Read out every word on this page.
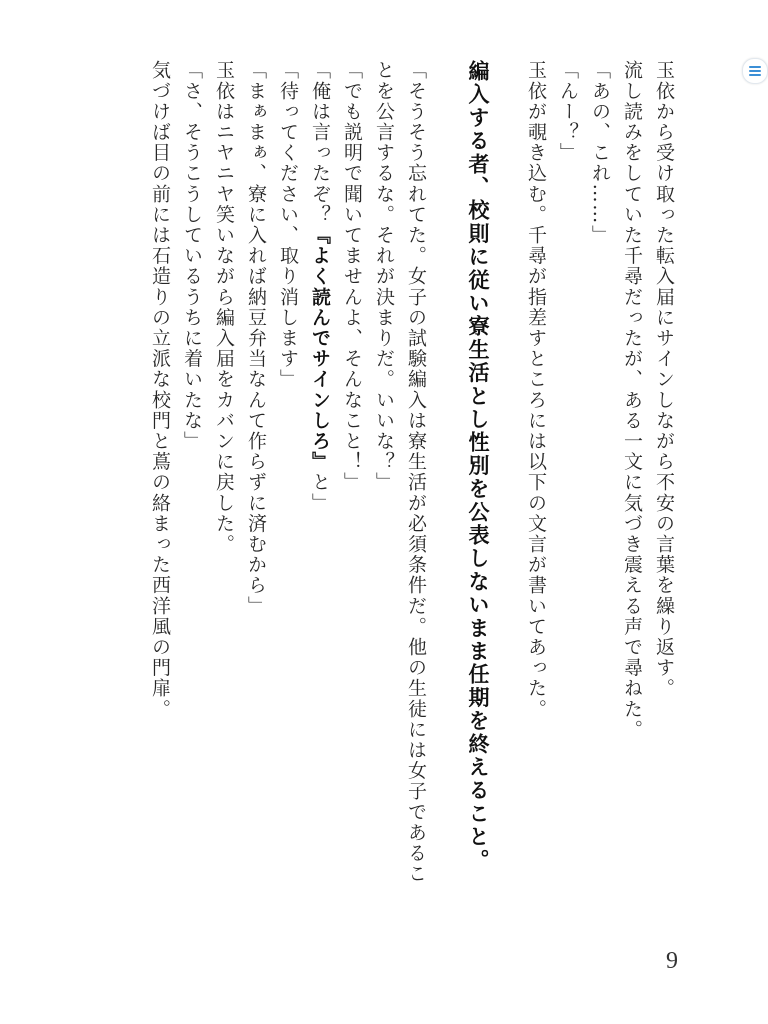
玉依から受け取った転入届にサインしながら不安の言葉を繰り返す。
流し読みをしていた千尋だったが、ある一文に気づき震える声で尋ねた。
「あの、これ……」
「んー？」
玉依が覗き込む。千尋が指差すところには以下の文言が書いてあった。
編入する者、校則に従い寮生活とし性別を公表しないまま任期を終えること。
「そうそう忘れてた。女子の試験編入は寮生活が必須条件だ。他の生徒には女子であるこ
とを公言するな。それが決まりだ。いいな？」
「でも説明で聞いてませんよ、そんなこと！」
「俺は言ったぞ？『よく読んでサインしろ』と」
「待ってください、取り消します」
「まぁまぁ、寮に入れば納豆弁当なんて作らずに済むから」
玉依はニヤニヤ笑いながら編入届をカバンに戻した。
「さ、そうこうしているうちに着いたな」
気づけば目の前には石造りの立派な校門と蔦の絡まった西洋風の門扉。
9
